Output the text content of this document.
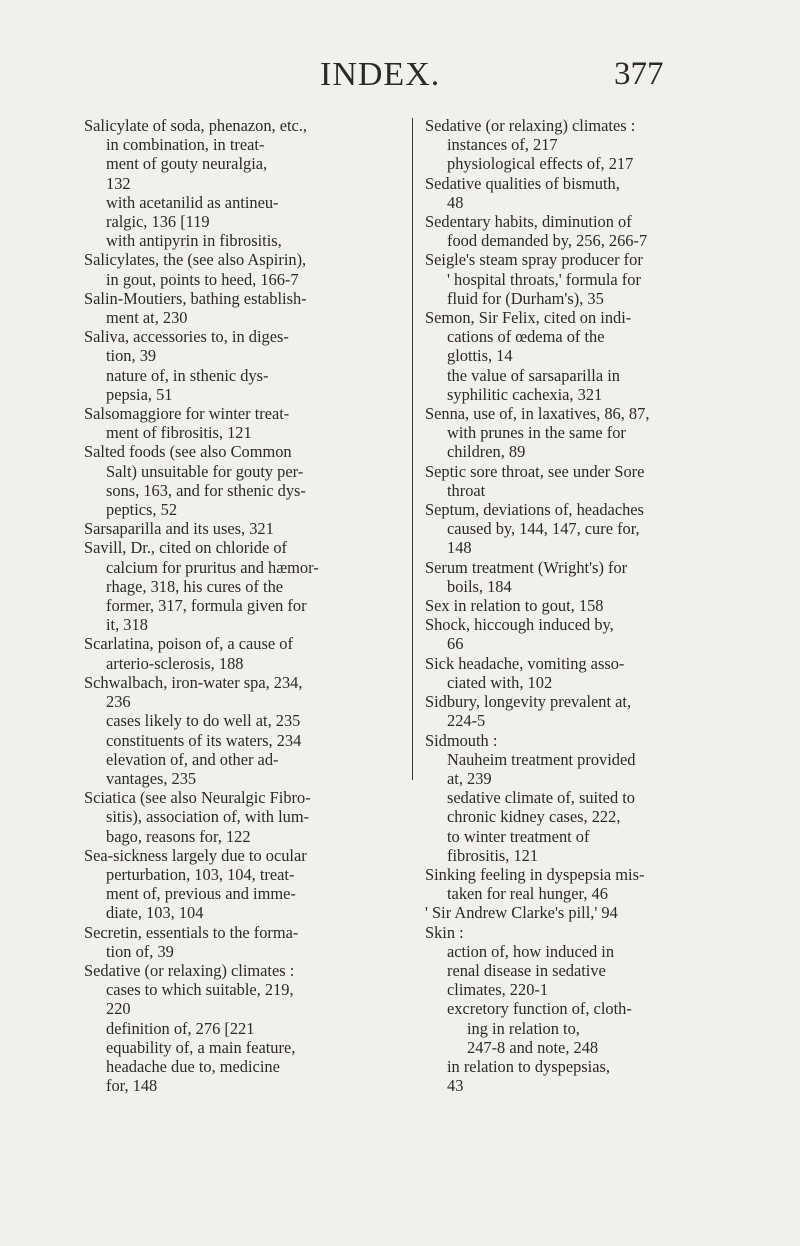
INDEX.	377
Salicylate of soda, phenazon, etc.,
in combination, in treat-
ment of gouty neuralgia,
132
with acetanilid as antineu-
ralgic, 136 [119
with antipyrin in fibrositis,
Salicylates, the (see also Aspirin),
in gout, points to heed, 166-7
Salin-Moutiers, bathing establish-
ment at, 230
Saliva, accessories to, in diges-
tion, 39
nature of, in sthenic dys-
pepsia, 51
Salsomaggiore for winter treat-
ment of fibrositis, 121
Salted foods (see also Common
Salt) unsuitable for gouty per-
sons, 163, and for sthenic dys-
peptics, 52
Sarsaparilla and its uses, 321
Savill, Dr., cited on chloride of
calcium for pruritus and hæmor-
rhage, 318, his cures of the
former, 317, formula given for
it, 318
Scarlatina, poison of, a cause of
arterio-sclerosis, 188
Schwalbach, iron-water spa, 234,
236
cases likely to do well at, 235
constituents of its waters, 234
elevation of, and other ad-
vantages, 235
Sciatica (see also Neuralgic Fibro-
sitis), association of, with lum-
bago, reasons for, 122
Sea-sickness largely due to ocular
perturbation, 103, 104, treat-
ment of, previous and imme-
diate, 103, 104
Secretin, essentials to the forma-
tion of, 39
Sedative (or relaxing) climates :
cases to which suitable, 219,
220
definition of, 276 [221
equability of, a main feature,
headache due to, medicine
for, 148
Sedative (or relaxing) climates :
instances of, 217
physiological effects of, 217
Sedative qualities of bismuth,
48
Sedentary habits, diminution of
food demanded by, 256, 266-7
Seigle's steam spray producer for
' hospital throats,' formula for
fluid for (Durham's), 35
Semon, Sir Felix, cited on indi-
cations of œdema of the
glottis, 14
the value of sarsaparilla in
syphilitic cachexia, 321
Senna, use of, in laxatives, 86, 87,
with prunes in the same for
children, 89
Septic sore throat, see under Sore
throat
Septum, deviations of, headaches
caused by, 144, 147, cure for,
148
Serum treatment (Wright's) for
boils, 184
Sex in relation to gout, 158
Shock, hiccough induced by,
66
Sick headache, vomiting asso-
ciated with, 102
Sidbury, longevity prevalent at,
224-5
Sidmouth :
Nauheim treatment provided
at, 239
sedative climate of, suited to
chronic kidney cases, 222,
to winter treatment of
fibrositis, 121
Sinking feeling in dyspepsia mis-
taken for real hunger, 46
' Sir Andrew Clarke's pill,' 94
Skin :
action of, how induced in
renal disease in sedative
climates, 220-1
excretory function of, cloth-
ing in relation to,
247-8 and note, 248
in relation to dyspepsias,
43
